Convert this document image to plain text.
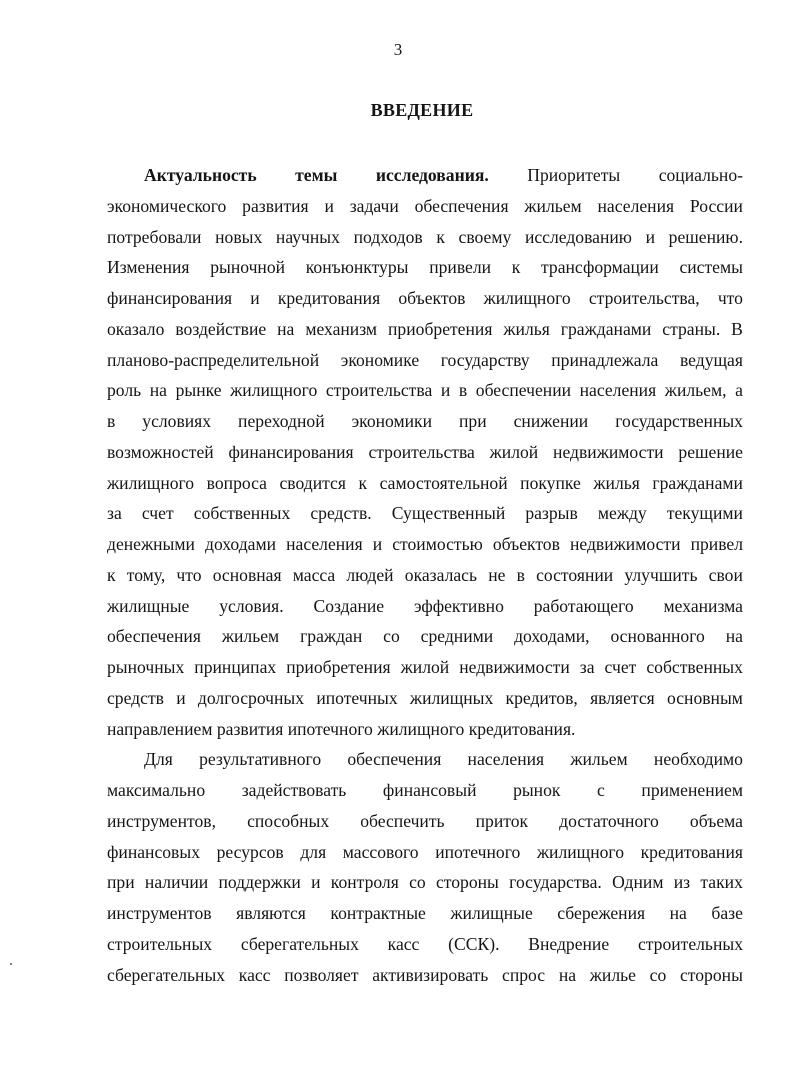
3
ВВЕДЕНИЕ
Актуальность темы исследования. Приоритеты социально-
экономического развития и задачи обеспечения жильем населения России
потребовали новых научных подходов к своему исследованию и решению.
Изменения рыночной конъюнктуры привели к трансформации системы
финансирования и кредитования объектов жилищного строительства, что
оказало воздействие на механизм приобретения жилья гражданами страны. В
планово-распределительной экономике государству принадлежала ведущая
роль на рынке жилищного строительства и в обеспечении населения жильем, а
в условиях переходной экономики при снижении государственных
возможностей финансирования строительства жилой недвижимости решение
жилищного вопроса сводится к самостоятельной покупке жилья гражданами
за счет собственных средств. Существенный разрыв между текущими
денежными доходами населения и стоимостью объектов недвижимости привел
к тому, что основная масса людей оказалась не в состоянии улучшить свои
жилищные условия. Создание эффективно работающего механизма
обеспечения жильем граждан со средними доходами, основанного на
рыночных принципах приобретения жилой недвижимости за счет собственных
средств и долгосрочных ипотечных жилищных кредитов, является основным
направлением развития ипотечного жилищного кредитования.
Для результативного обеспечения населения жильем необходимо
максимально задействовать финансовый рынок с применением
инструментов, способных обеспечить приток достаточного объема
финансовых ресурсов для массового ипотечного жилищного кредитования
при наличии поддержки и контроля со стороны государства. Одним из таких
инструментов являются контрактные жилищные сбережения на базе
строительных сберегательных касс (ССК). Внедрение строительных
сберегательных касс позволяет активизировать спрос на жилье со стороны
